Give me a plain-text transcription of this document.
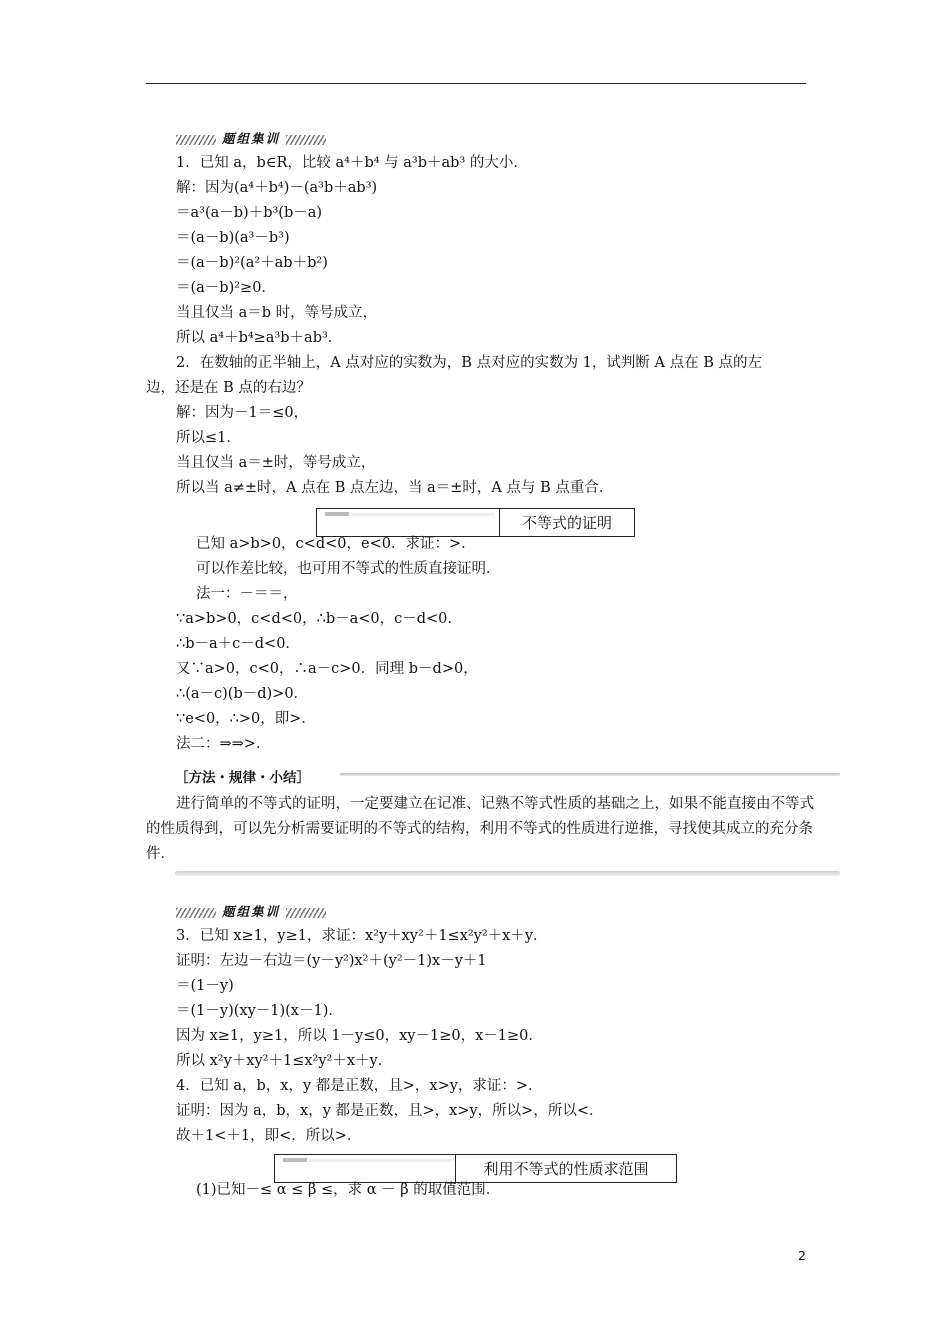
题组集训
1．已知 a，b∈R，比较 a⁴＋b⁴ 与 a³b＋ab³ 的大小．
解：因为(a⁴＋b⁴)－(a³b＋ab³)
＝a³(a－b)＋b³(b－a)
＝(a－b)(a³－b³)
＝(a－b)²(a²＋ab＋b²)
＝(a－b)²≥0．
当且仅当 a＝b 时，等号成立，
所以 a⁴＋b⁴≥a³b＋ab³．
2．在数轴的正半轴上，A 点对应的实数为，B 点对应的实数为 1，试判断 A 点在 B 点的左
边，还是在 B 点的右边？
解：因为－1＝≤0，
所以≤1．
当且仅当 a＝±时，等号成立，
所以当 a≠±时，A 点在 B 点左边，当 a＝±时，A 点与 B 点重合．
不等式的证明
已知 a>b>0，c<d<0，e<0．求证：>．
可以作差比较，也可用不等式的性质直接证明．
法一：－＝＝，
∵a>b>0，c<d<0，∴b－a<0，c－d<0．
∴b－a＋c－d<0．
又∵a>0，c<0，∴a－c>0．同理 b－d>0，
∴(a－c)(b－d)>0．
∵e<0，∴>0，即>．
法二：⇒⇒>．
［方法・规律・小结］
进行简单的不等式的证明，一定要建立在记准、记熟不等式性质的基础之上，如果不能直接由不等式的性质得到，可以先分析需要证明的不等式的结构，利用不等式的性质进行逆推，寻找使其成立的充分条件．
题组集训
3．已知 x≥1，y≥1，求证：x²y＋xy²＋1≤x²y²＋x＋y．
证明：左边－右边＝(y－y²)x²＋(y²－1)x－y＋1
＝(1－y)
＝(1－y)(xy－1)(x－1)．
因为 x≥1，y≥1，所以 1－y≤0，xy－1≥0，x－1≥0．
所以 x²y＋xy²＋1≤x²y²＋x＋y．
4．已知 a，b，x，y 都是正数，且>，x>y，求证：>．
证明：因为 a，b，x，y 都是正数，且>，x>y，所以>，所以<．
故＋1<＋1，即<．所以>．
利用不等式的性质求范围
(1)已知－≤ α ≤ β ≤，求 α － β 的取值范围．
2
